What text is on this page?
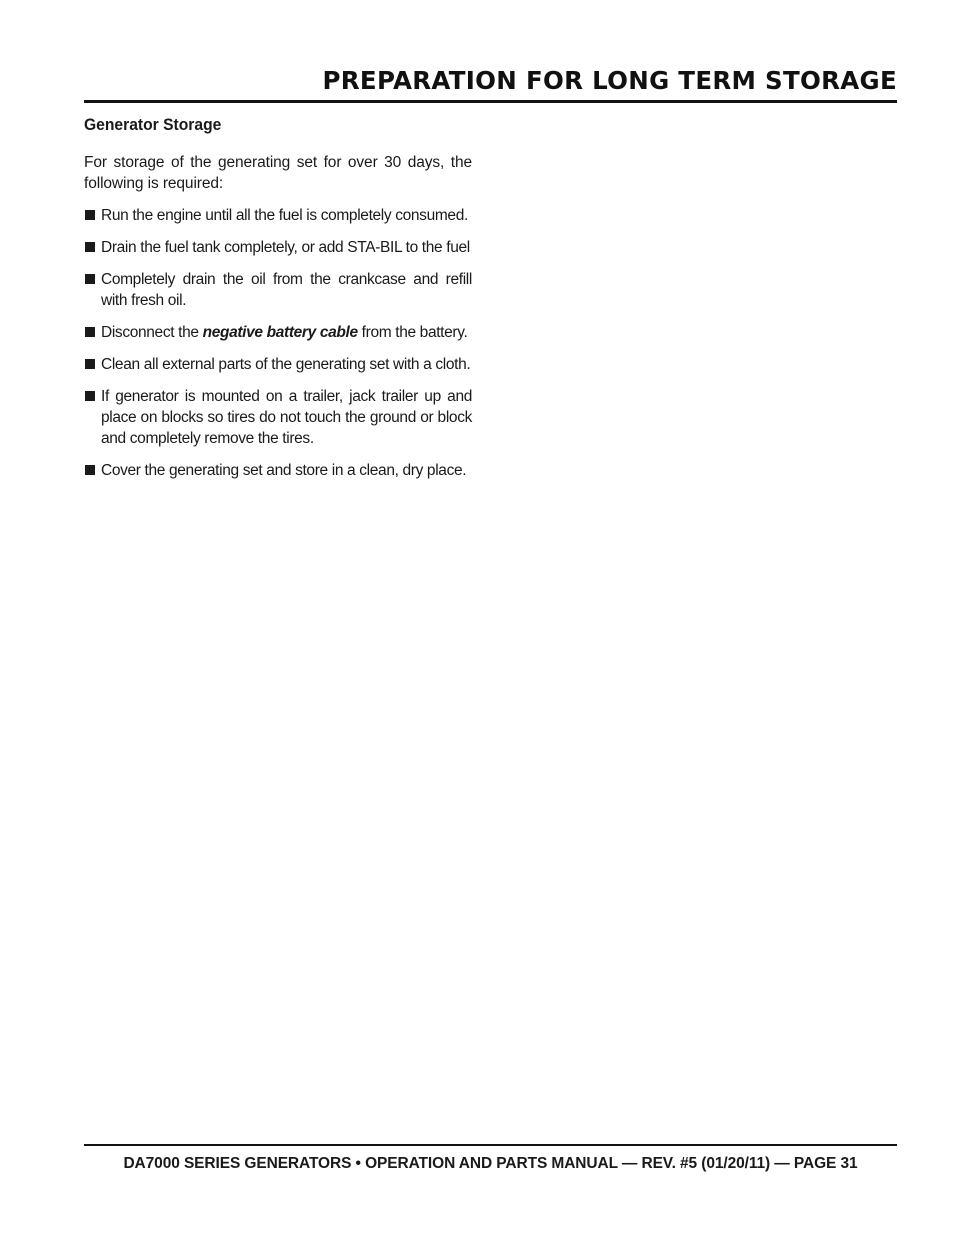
PREPARATION FOR LONG TERM STORAGE
Generator Storage

For storage of the generating set for over 30 days, the following is required:

Run the engine until all the fuel is completely consumed.
Drain the fuel tank completely, or add STA-BIL to the fuel
Completely drain the oil from the crankcase and refill with fresh oil.
Disconnect the negative battery cable from the battery.
Clean all external parts of the generating set with a cloth.
If generator is mounted on a trailer, jack trailer up and place on blocks so tires do not touch the ground or block and completely remove the tires.
Cover the generating set and store in a clean, dry place.
DA7000 SERIES GENERATORS • OPERATION AND PARTS MANUAL — REV. #5 (01/20/11) — PAGE 31
